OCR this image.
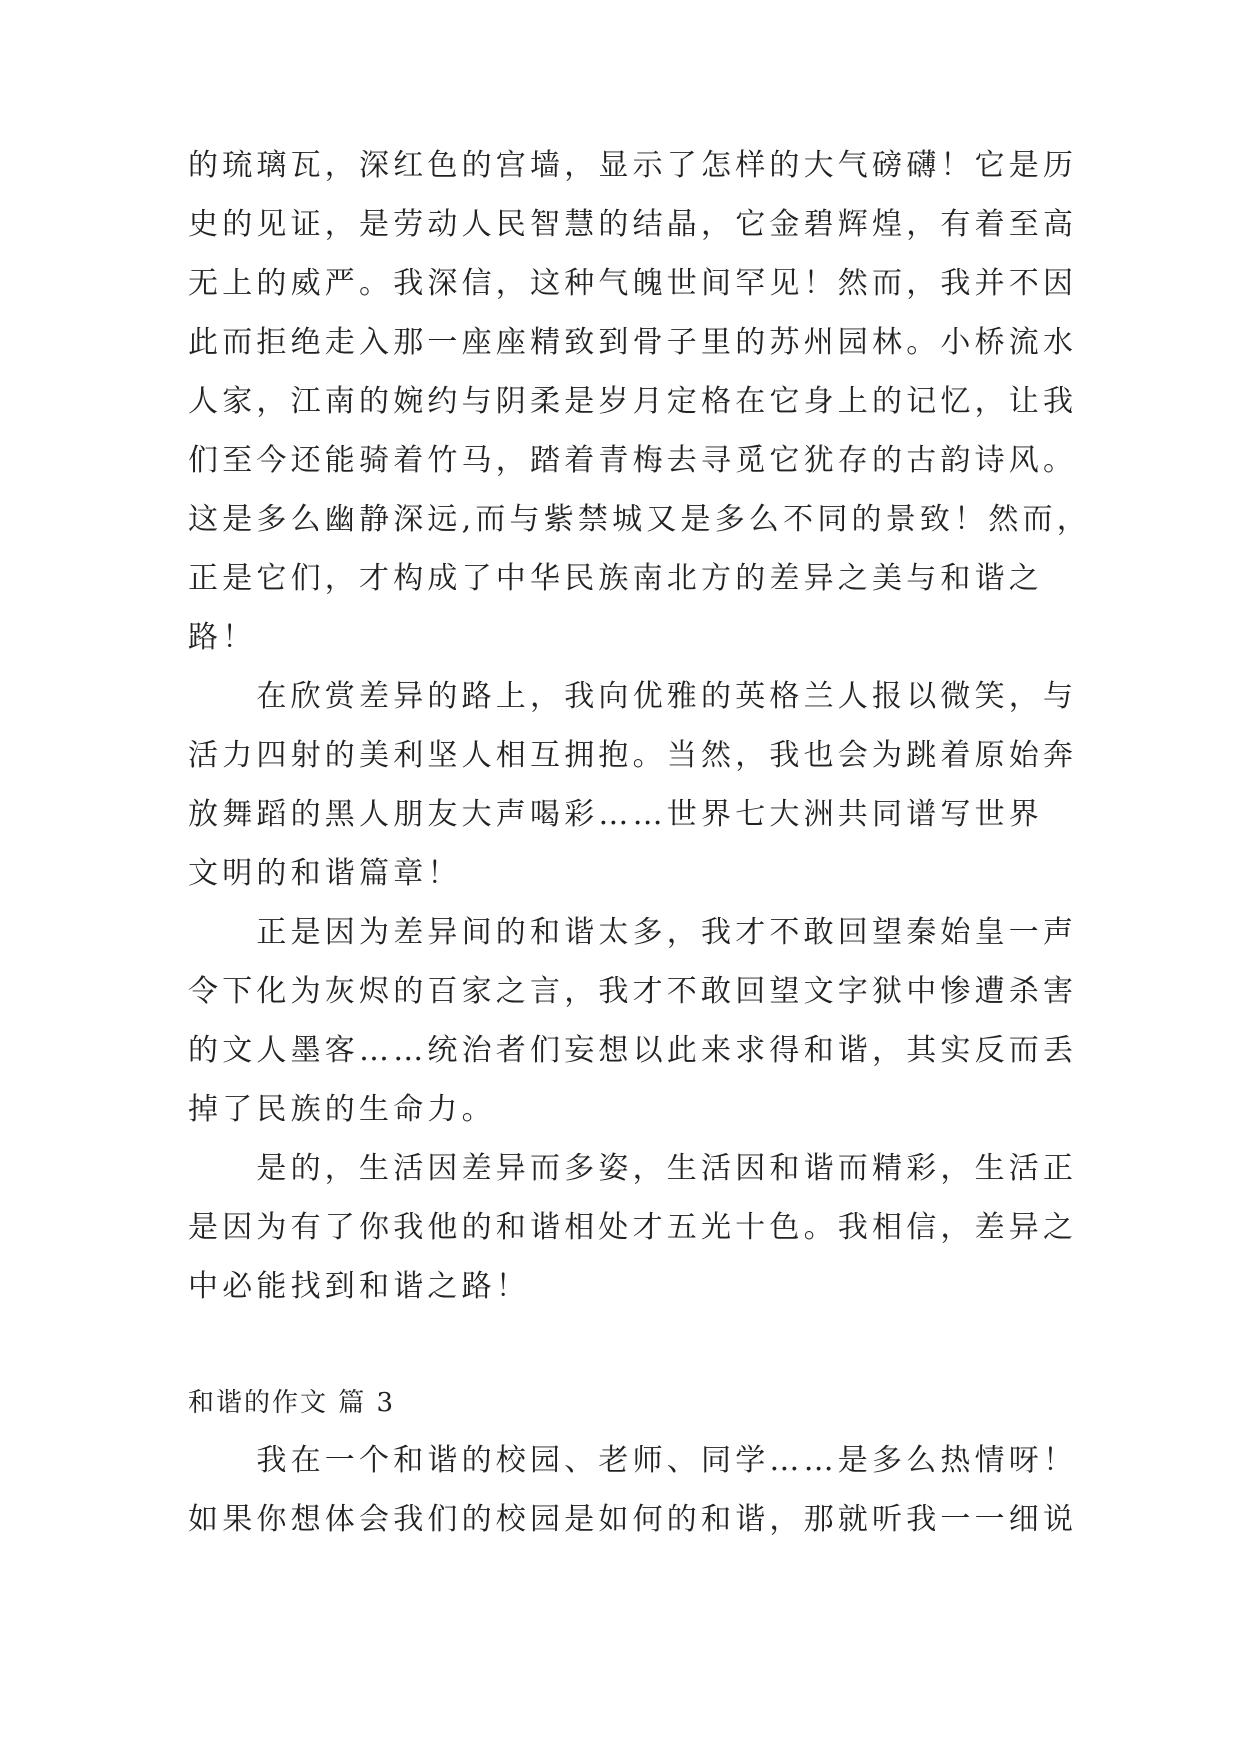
的琉璃瓦，深红色的宫墙，显示了怎样的大气磅礴！它是历
史的见证，是劳动人民智慧的结晶，它金碧辉煌，有着至高
无上的威严。我深信，这种气魄世间罕见！然而，我并不因
此而拒绝走入那一座座精致到骨子里的苏州园林。小桥流水
人家，江南的婉约与阴柔是岁月定格在它身上的记忆，让我
们至今还能骑着竹马，踏着青梅去寻觅它犹存的古韵诗风。
这是多么幽静深远,而与紫禁城又是多么不同的景致！然而，
正是它们，才构成了中华民族南北方的差异之美与和谐之
路！
　　在欣赏差异的路上，我向优雅的英格兰人报以微笑，与
活力四射的美利坚人相互拥抱。当然，我也会为跳着原始奔
放舞蹈的黑人朋友大声喝彩……世界七大洲共同谱写世界
文明的和谐篇章！
　　正是因为差异间的和谐太多，我才不敢回望秦始皇一声
令下化为灰烬的百家之言，我才不敢回望文字狱中惨遭杀害
的文人墨客……统治者们妄想以此来求得和谐，其实反而丢
掉了民族的生命力。
　　是的，生活因差异而多姿，生活因和谐而精彩，生活正
是因为有了你我他的和谐相处才五光十色。我相信，差异之
中必能找到和谐之路！
和谐的作文 篇 3
　　我在一个和谐的校园、老师、同学……是多么热情呀！
如果你想体会我们的校园是如何的和谐，那就听我一一细说
